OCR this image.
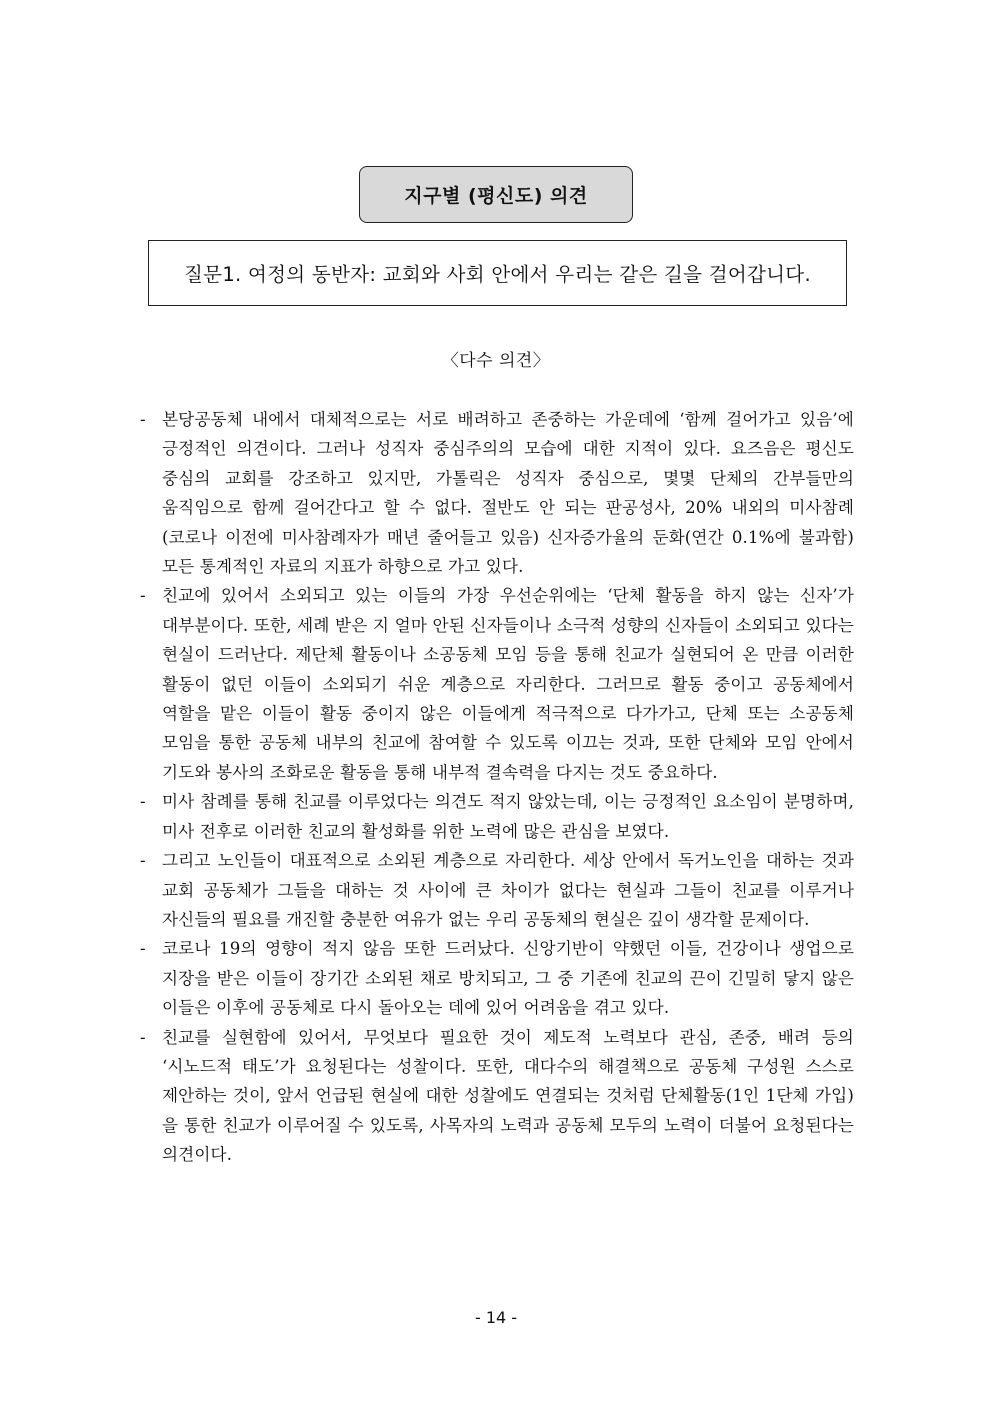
지구별 (평신도) 의견
질문1. 여정의 동반자: 교회와 사회 안에서 우리는 같은 길을 걸어갑니다.
〈다수 의견〉
- 본당공동체 내에서 대체적으로는 서로 배려하고 존중하는 가운데에 ‘함께 걸어가고 있음’에 긍정적인 의견이다. 그러나 성직자 중심주의의 모습에 대한 지적이 있다. 요즈음은 평신도 중심의 교회를 강조하고 있지만, 가톨릭은 성직자 중심으로, 몇몇 단체의 간부들만의 움직임으로 함께 걸어간다고 할 수 없다. 절반도 안 되는 판공성사, 20% 내외의 미사참례(코로나 이전에 미사참례자가 매년 줄어들고 있음) 신자증가율의 둔화(연간 0.1%에 불과함) 모든 통계적인 자료의 지표가 하향으로 가고 있다.
- 친교에 있어서 소외되고 있는 이들의 가장 우선순위에는 ‘단체 활동을 하지 않는 신자’가 대부분이다. 또한, 세례 받은 지 얼마 안된 신자들이나 소극적 성향의 신자들이 소외되고 있다는 현실이 드러난다. 제단체 활동이나 소공동체 모임 등을 통해 친교가 실현되어 온 만큼 이러한 활동이 없던 이들이 소외되기 쉬운 계층으로 자리한다. 그러므로 활동 중이고 공동체에서 역할을 맡은 이들이 활동 중이지 않은 이들에게 적극적으로 다가가고, 단체 또는 소공동체 모임을 통한 공동체 내부의 친교에 참여할 수 있도록 이끄는 것과, 또한 단체와 모임 안에서 기도와 봉사의 조화로운 활동을 통해 내부적 결속력을 다지는 것도 중요하다.
- 미사 참례를 통해 친교를 이루었다는 의견도 적지 않았는데, 이는 긍정적인 요소임이 분명하며, 미사 전후로 이러한 친교의 활성화를 위한 노력에 많은 관심을 보였다.
- 그리고 노인들이 대표적으로 소외된 계층으로 자리한다. 세상 안에서 독거노인을 대하는 것과 교회 공동체가 그들을 대하는 것 사이에 큰 차이가 없다는 현실과 그들이 친교를 이루거나 자신들의 필요를 개진할 충분한 여유가 없는 우리 공동체의 현실은 깊이 생각할 문제이다.
- 코로나 19의 영향이 적지 않음 또한 드러났다. 신앙기반이 약했던 이들, 건강이나 생업으로 지장을 받은 이들이 장기간 소외된 채로 방치되고, 그 중 기존에 친교의 끈이 긴밀히 닿지 않은 이들은 이후에 공동체로 다시 돌아오는 데에 있어 어려움을 겪고 있다.
- 친교를 실현함에 있어서, 무엇보다 필요한 것이 제도적 노력보다 관심, 존중, 배려 등의 ‘시노드적 태도’가 요청된다는 성찰이다. 또한, 대다수의 해결책으로 공동체 구성원 스스로 제안하는 것이, 앞서 언급된 현실에 대한 성찰에도 연결되는 것처럼 단체활동(1인 1단체 가입)을 통한 친교가 이루어질 수 있도록, 사목자의 노력과 공동체 모두의 노력이 더불어 요청된다는 의견이다.
- 14 -
